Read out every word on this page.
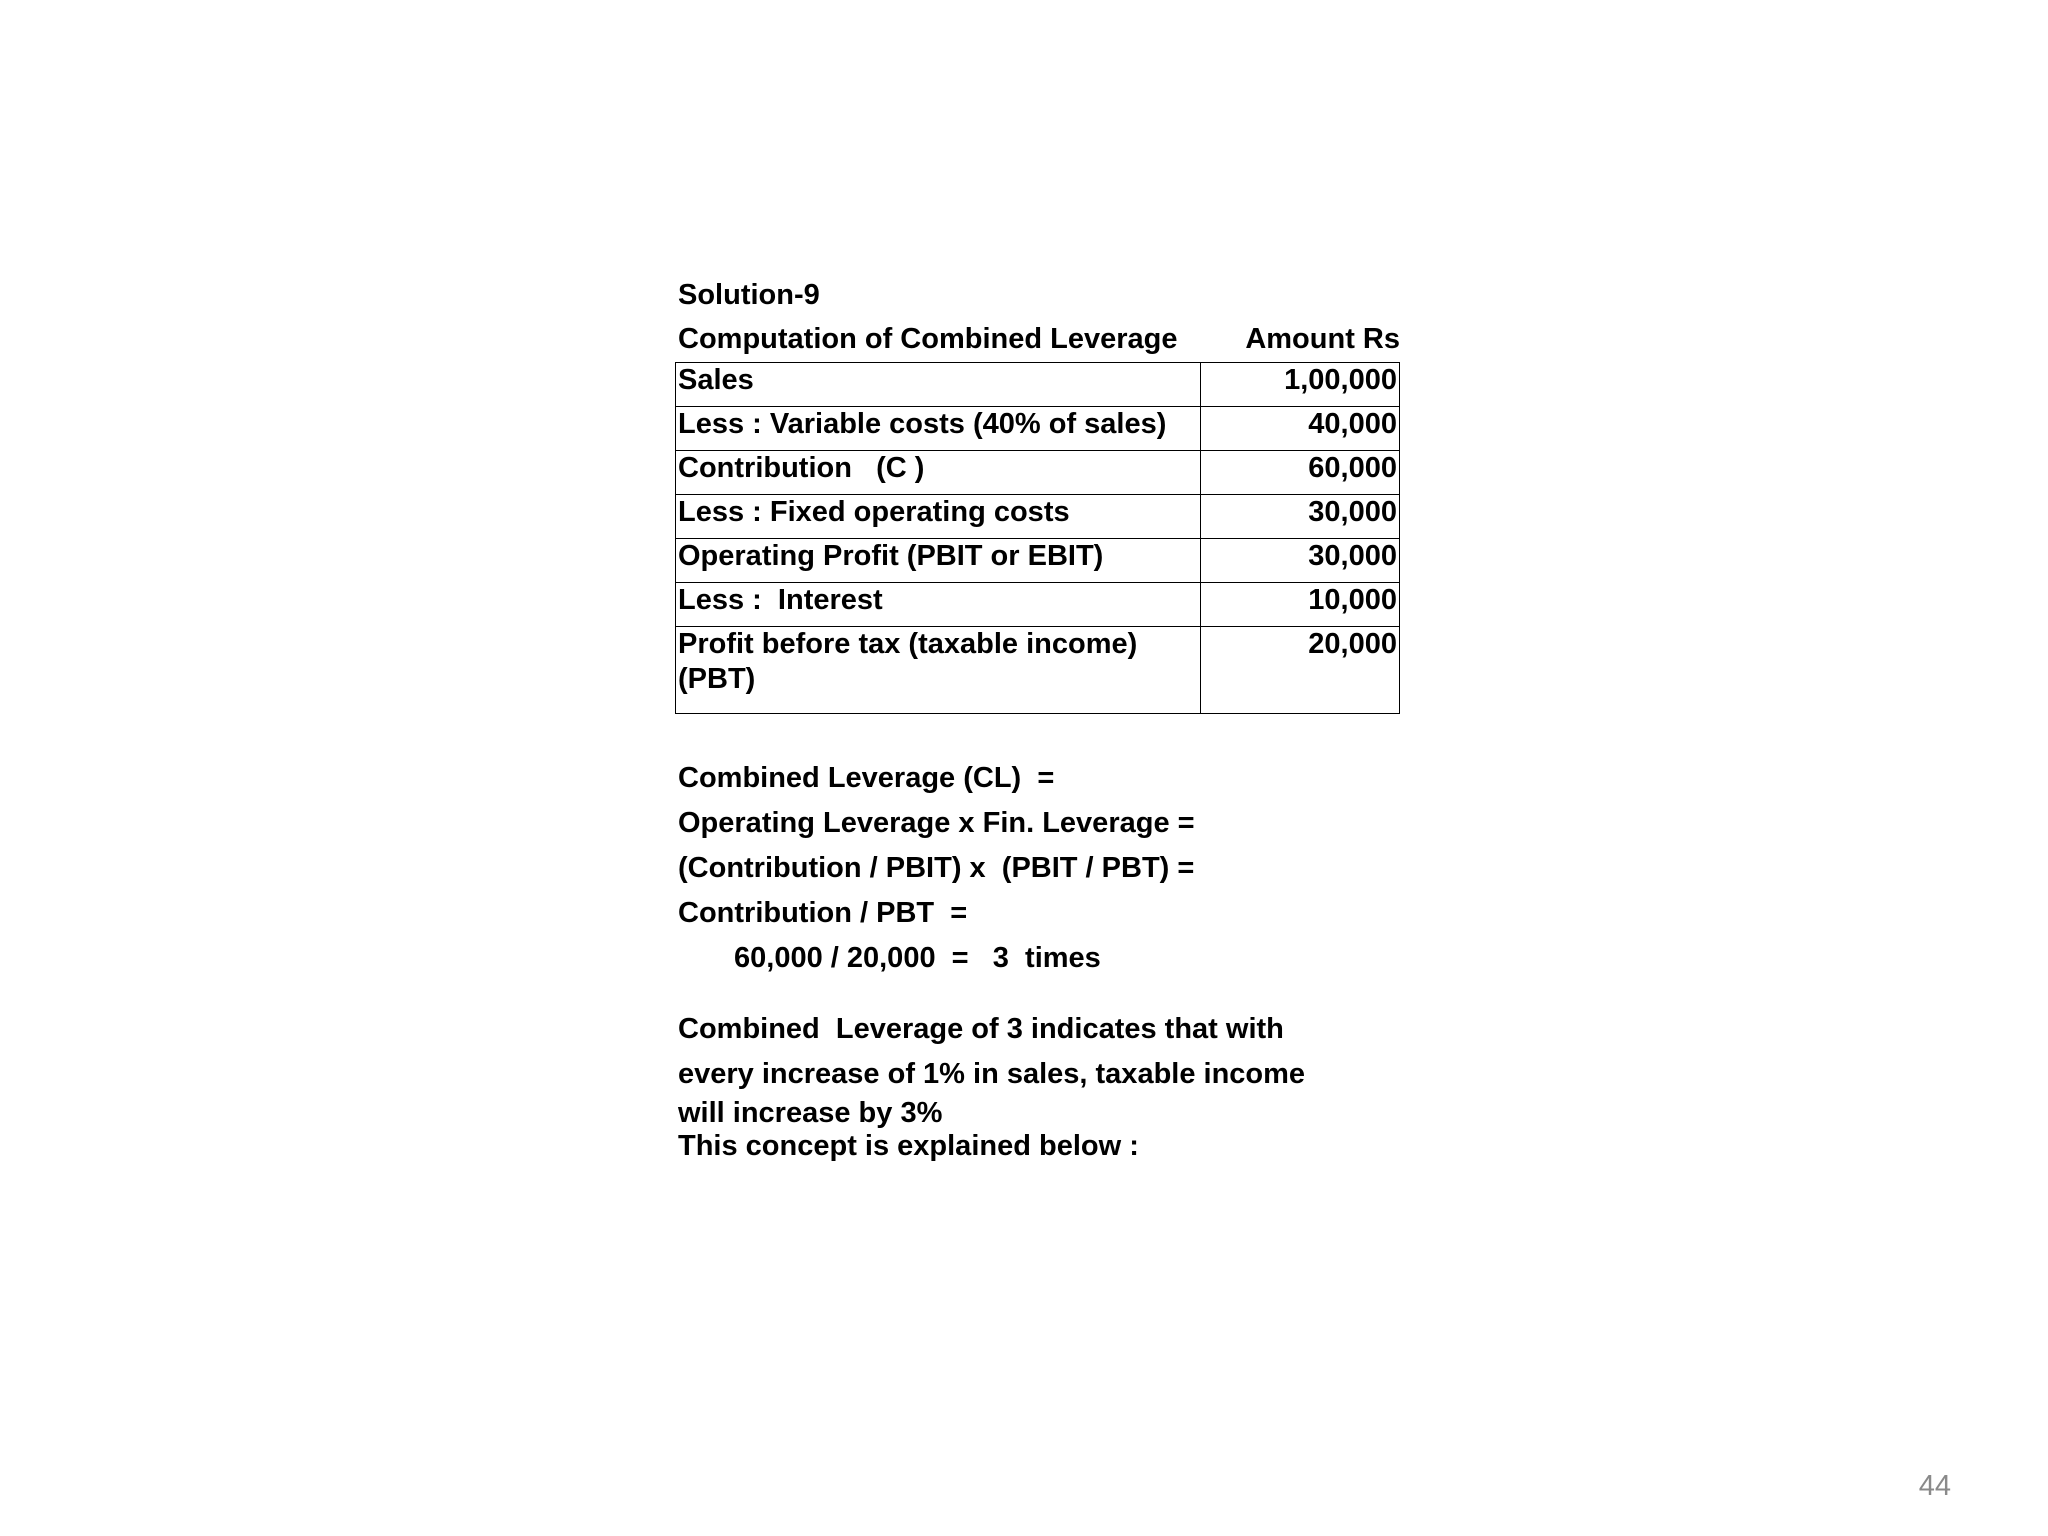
Solution-9
Computation of Combined Leverage Amount Rs
Sales	1,00,000
Less : Variable costs (40% of sales)	40,000
Contribution   (C )	60,000
Less : Fixed operating costs	30,000
Operating Profit (PBIT or EBIT)	30,000
Less :  Interest	10,000
Profit before tax (taxable income) (PBT)	20,000
Combined Leverage (CL)  =
Operating Leverage x Fin. Leverage =
(Contribution / PBIT) x  (PBIT / PBT) =
Contribution / PBT  =
60,000 / 20,000  =   3  times
Combined  Leverage of 3 indicates that with
every increase of 1% in sales, taxable income
will increase by 3%
This concept is explained below :
44
